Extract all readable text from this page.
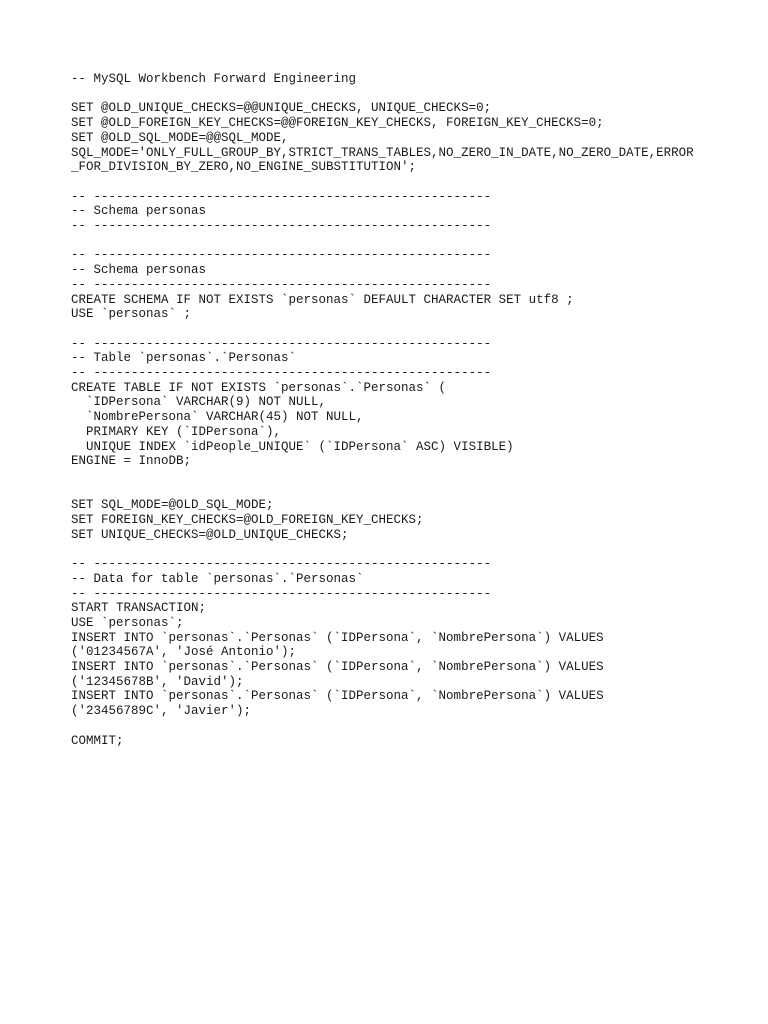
-- MySQL Workbench Forward Engineering
SET @OLD_UNIQUE_CHECKS=@@UNIQUE_CHECKS, UNIQUE_CHECKS=0;
SET @OLD_FOREIGN_KEY_CHECKS=@@FOREIGN_KEY_CHECKS, FOREIGN_KEY_CHECKS=0;
SET @OLD_SQL_MODE=@@SQL_MODE,
SQL_MODE='ONLY_FULL_GROUP_BY,STRICT_TRANS_TABLES,NO_ZERO_IN_DATE,NO_ZERO_DATE,ERROR
_FOR_DIVISION_BY_ZERO,NO_ENGINE_SUBSTITUTION';
-- -----------------------------------------------------
-- Schema personas
-- -----------------------------------------------------
-- -----------------------------------------------------
-- Schema personas
-- -----------------------------------------------------
CREATE SCHEMA IF NOT EXISTS `personas` DEFAULT CHARACTER SET utf8 ;
USE `personas` ;
-- -----------------------------------------------------
-- Table `personas`.`Personas`
-- -----------------------------------------------------
CREATE TABLE IF NOT EXISTS `personas`.`Personas` (
`IDPersona` VARCHAR(9) NOT NULL,
`NombrePersona` VARCHAR(45) NOT NULL,
PRIMARY KEY (`IDPersona`),
UNIQUE INDEX `idPeople_UNIQUE` (`IDPersona` ASC) VISIBLE)
ENGINE = InnoDB;
SET SQL_MODE=@OLD_SQL_MODE;
SET FOREIGN_KEY_CHECKS=@OLD_FOREIGN_KEY_CHECKS;
SET UNIQUE_CHECKS=@OLD_UNIQUE_CHECKS;
-- -----------------------------------------------------
-- Data for table `personas`.`Personas`
-- -----------------------------------------------------
START TRANSACTION;
USE `personas`;
INSERT INTO `personas`.`Personas` (`IDPersona`, `NombrePersona`) VALUES
('01234567A', 'José Antonio');
INSERT INTO `personas`.`Personas` (`IDPersona`, `NombrePersona`) VALUES
('12345678B', 'David');
INSERT INTO `personas`.`Personas` (`IDPersona`, `NombrePersona`) VALUES
('23456789C', 'Javier');
COMMIT;
